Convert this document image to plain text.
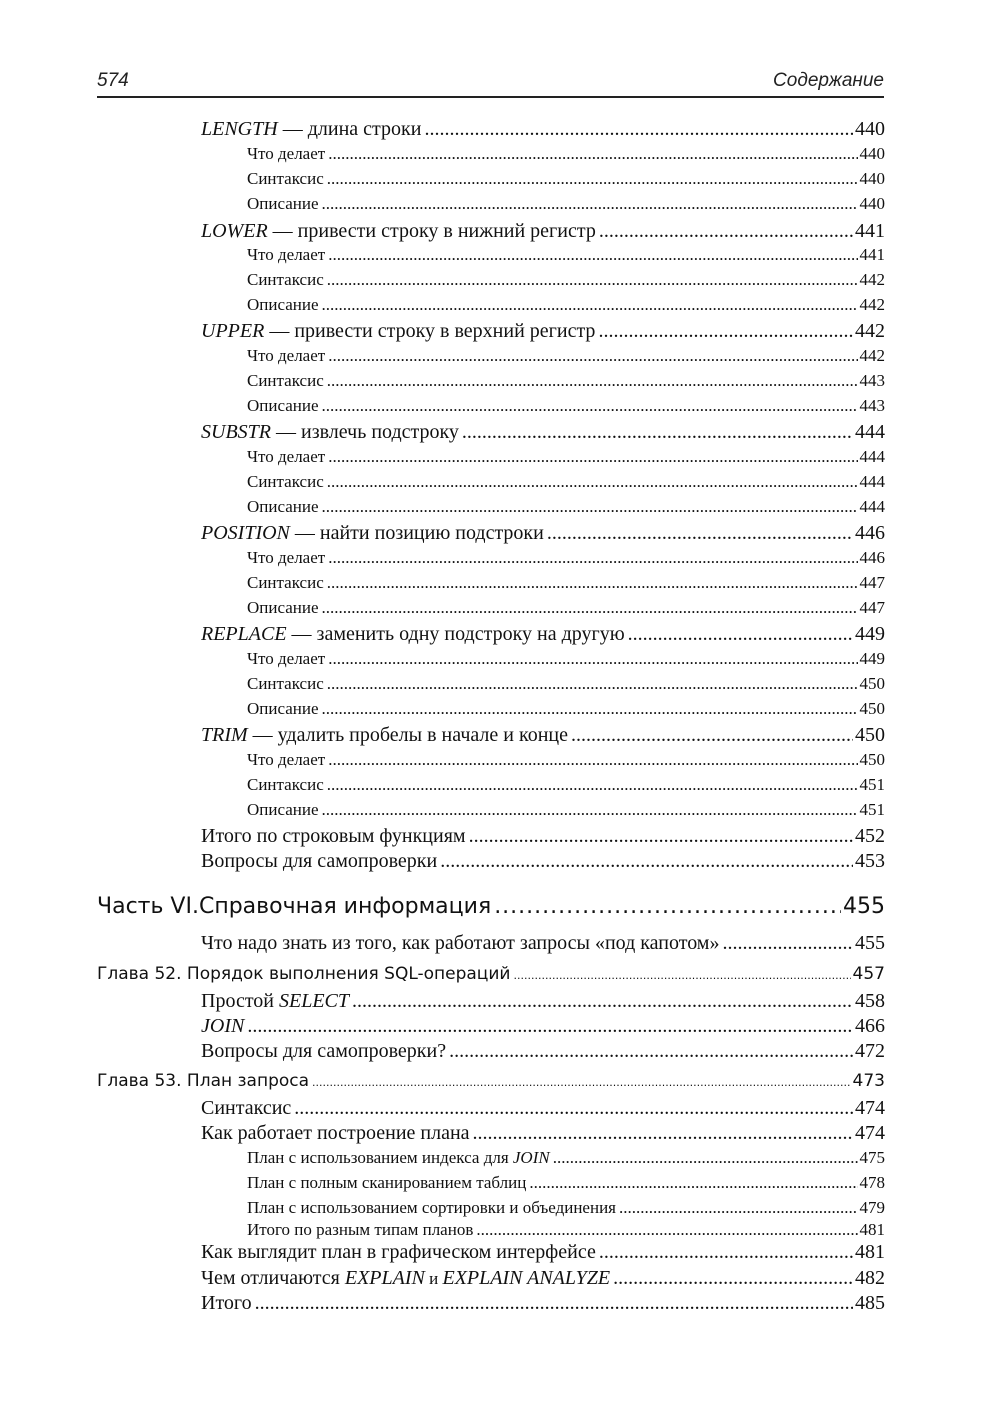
574	Содержание
LENGTH — длина строки .....	440
Что делает .....	440
Синтаксис .....	440
Описание .....	440
LOWER — привести строку в нижний регистр .....	441
Что делает .....	441
Синтаксис .....	442
Описание .....	442
UPPER — привести строку в верхний регистр .....	442
Что делает .....	442
Синтаксис .....	443
Описание .....	443
SUBSTR — извлечь подстроку .....	444
Что делает .....	444
Синтаксис .....	444
Описание .....	444
POSITION — найти позицию подстроки .....	446
Что делает .....	446
Синтаксис .....	447
Описание .....	447
REPLACE — заменить одну подстроку на другую .....	449
Что делает .....	449
Синтаксис .....	450
Описание .....	450
TRIM — удалить пробелы в начале и конце .....	450
Что делает .....	450
Синтаксис .....	451
Описание .....	451
Итого по строковым функциям .....	452
Вопросы для самопроверки .....	453
Часть VI.Справочная информация .....	455
Что надо знать из того, как работают запросы «под капотом» .....	455
Глава 52. Порядок выполнения SQL-операций .....	457
Простой SELECT .....	458
JOIN .....	466
Вопросы для самопроверки? .....	472
Глава 53. План запроса .....	473
Синтаксис .....	474
Как работает построение плана .....	474
План с использованием индекса для JOIN .....	475
План с полным сканированием таблиц .....	478
План с использованием сортировки и объединения .....	479
Итого по разным типам планов .....	481
Как выглядит план в графическом интерфейсе .....	481
Чем отличаются EXPLAIN и EXPLAIN ANALYZE .....	482
Итого .....	485
